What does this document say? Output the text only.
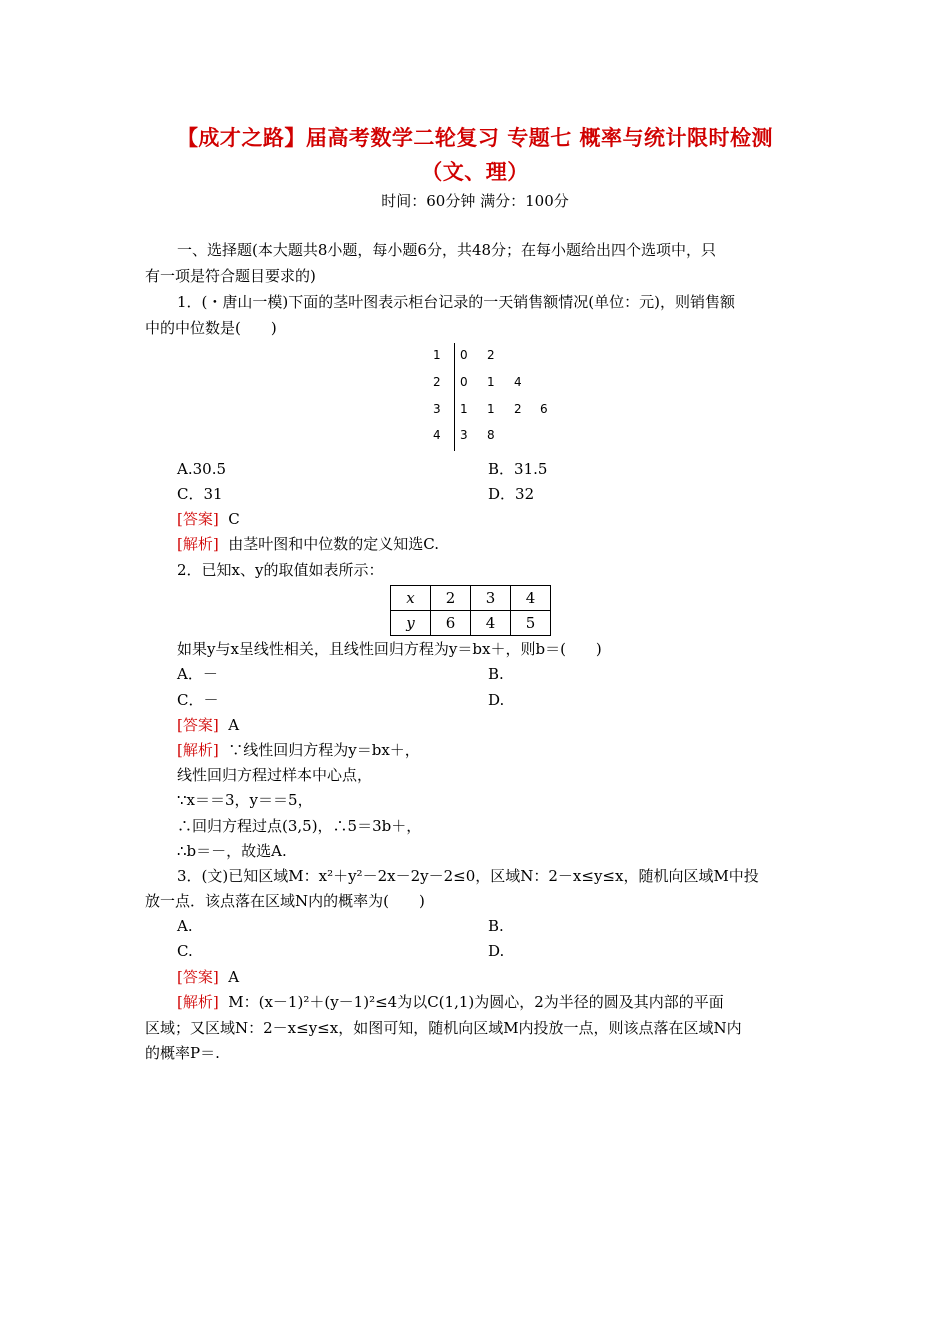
【成才之路】届高考数学二轮复习 专题七 概率与统计限时检测
（文、理）
时间：60分钟 满分：100分
一、选择题(本大题共8小题，每小题6分，共48分；在每小题给出四个选项中，只
有一项是符合题目要求的)
1．(・唐山一模)下面的茎叶图表示柜台记录的一天销售额情况(单位：元)，则销售额
中的中位数是(　　)
1 0 2
2 0 1 4
3 1 1 2 6
4 3 8
A.30.5	B．31.5
C．31	D．32
[答案] C
[解析] 由茎叶图和中位数的定义知选C.
2．已知x、y的取值如表所示：
x	2	3	4
y	6	4	5
如果y与x呈线性相关，且线性回归方程为y＝bx＋，则b＝(　　)
A．－	B.
C．－	D.
[答案] A
[解析] ∵线性回归方程为y＝bx＋，
线性回归方程过样本中心点，
∵x＝＝3，y＝＝5，
∴回归方程过点(3,5)，∴5＝3b＋，
∴b＝－，故选A.
3．(文)已知区域M：x²＋y²－2x－2y－2≤0，区域N：2－x≤y≤x，随机向区域M中投
放一点．该点落在区域N内的概率为(　　)
A.	B.
C.	D.
[答案] A
[解析] M：(x－1)²＋(y－1)²≤4为以C(1,1)为圆心，2为半径的圆及其内部的平面
区域；又区域N：2－x≤y≤x，如图可知，随机向区域M内投放一点，则该点落在区域N内
的概率P＝.
